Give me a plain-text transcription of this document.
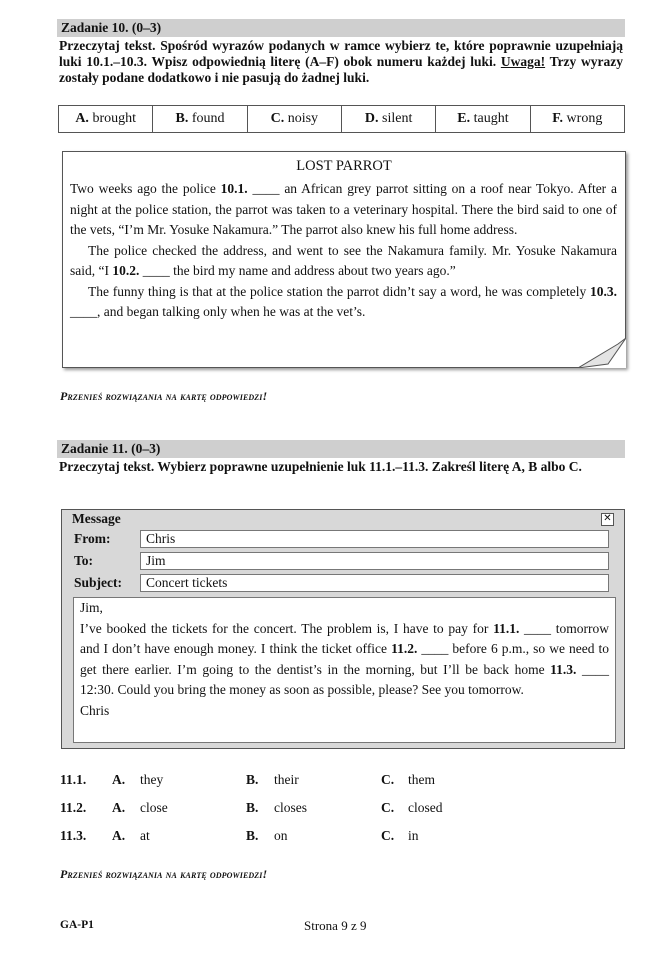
Zadanie 10. (0–3)
Przeczytaj tekst. Spośród wyrazów podanych w ramce wybierz te, które poprawnie uzupełniają luki 10.1.–10.3. Wpisz odpowiednią literę (A–F) obok numeru każdej luki. Uwaga! Trzy wyrazy zostały podane dodatkowo i nie pasują do żadnej luki.
A. brought	B. found	C. noisy	D. silent	E. taught	F. wrong
LOST PARROT

Two weeks ago the police 10.1. ____ an African grey parrot sitting on a roof near Tokyo. After a night at the police station, the parrot was taken to a veterinary hospital. There the bird said to one of the vets, “I’m Mr. Yosuke Nakamura.” The parrot also knew his full home address.

The police checked the address, and went to see the Nakamura family. Mr. Yosuke Nakamura said, “I 10.2. ____ the bird my name and address about two years ago.”

The funny thing is that at the police station the parrot didn’t say a word, he was completely 10.3. ____, and began talking only when he was at the vet’s.

Przenieś rozwiązania na kartę odpowiedzi!
Zadanie 11. (0–3)
Przeczytaj tekst. Wybierz poprawne uzupełnienie luk 11.1.–11.3. Zakreśl literę A, B albo C.
Message	✕
From:	Chris
To:	Jim
Subject:	Concert tickets
Jim,
I’ve booked the tickets for the concert. The problem is, I have to pay for 11.1. ____ tomorrow and I don’t have enough money. I think the ticket office 11.2. ____ before 6 p.m., so we need to get there earlier. I’m going to the dentist’s in the morning, but I’ll be back home 11.3. ____ 12:30. Could you bring the money as soon as possible, please? See you tomorrow.
Chris
11.1. A. they	B. their	C. them
11.2. A. close	B. closes	C. closed
11.3. A. at	B. on	C. in
Przenieś rozwiązania na kartę odpowiedzi!
GA-P1	Strona 9 z 9
